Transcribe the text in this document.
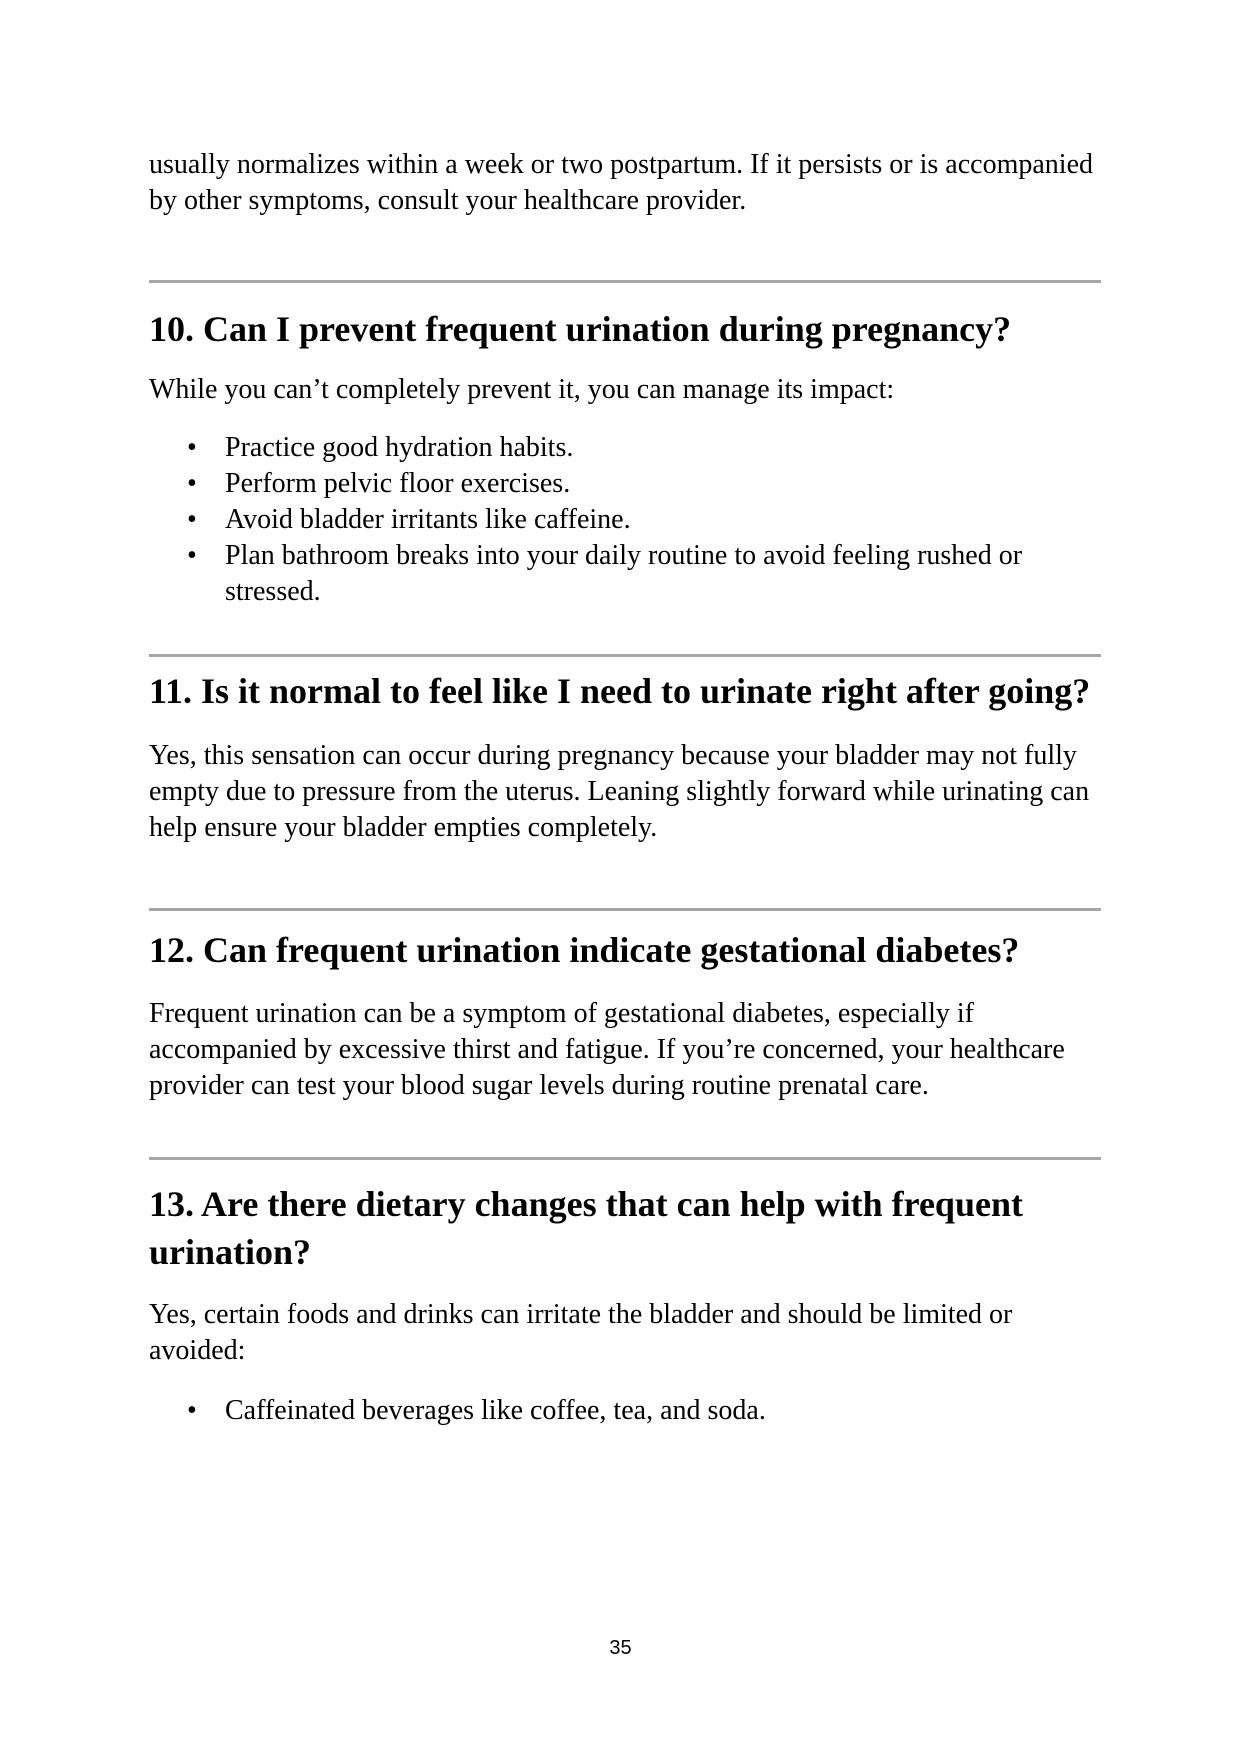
usually normalizes within a week or two postpartum. If it persists or is accompanied by other symptoms, consult your healthcare provider.

10. Can I prevent frequent urination during pregnancy?

While you can’t completely prevent it, you can manage its impact:

• Practice good hydration habits.
• Perform pelvic floor exercises.
• Avoid bladder irritants like caffeine.
• Plan bathroom breaks into your daily routine to avoid feeling rushed or stressed.
11. Is it normal to feel like I need to urinate right after going?

Yes, this sensation can occur during pregnancy because your bladder may not fully empty due to pressure from the uterus. Leaning slightly forward while urinating can help ensure your bladder empties completely.

12. Can frequent urination indicate gestational diabetes?

Frequent urination can be a symptom of gestational diabetes, especially if accompanied by excessive thirst and fatigue. If you’re concerned, your healthcare provider can test your blood sugar levels during routine prenatal care.

13. Are there dietary changes that can help with frequent urination?

Yes, certain foods and drinks can irritate the bladder and should be limited or avoided:

• Caffeinated beverages like coffee, tea, and soda.
35
